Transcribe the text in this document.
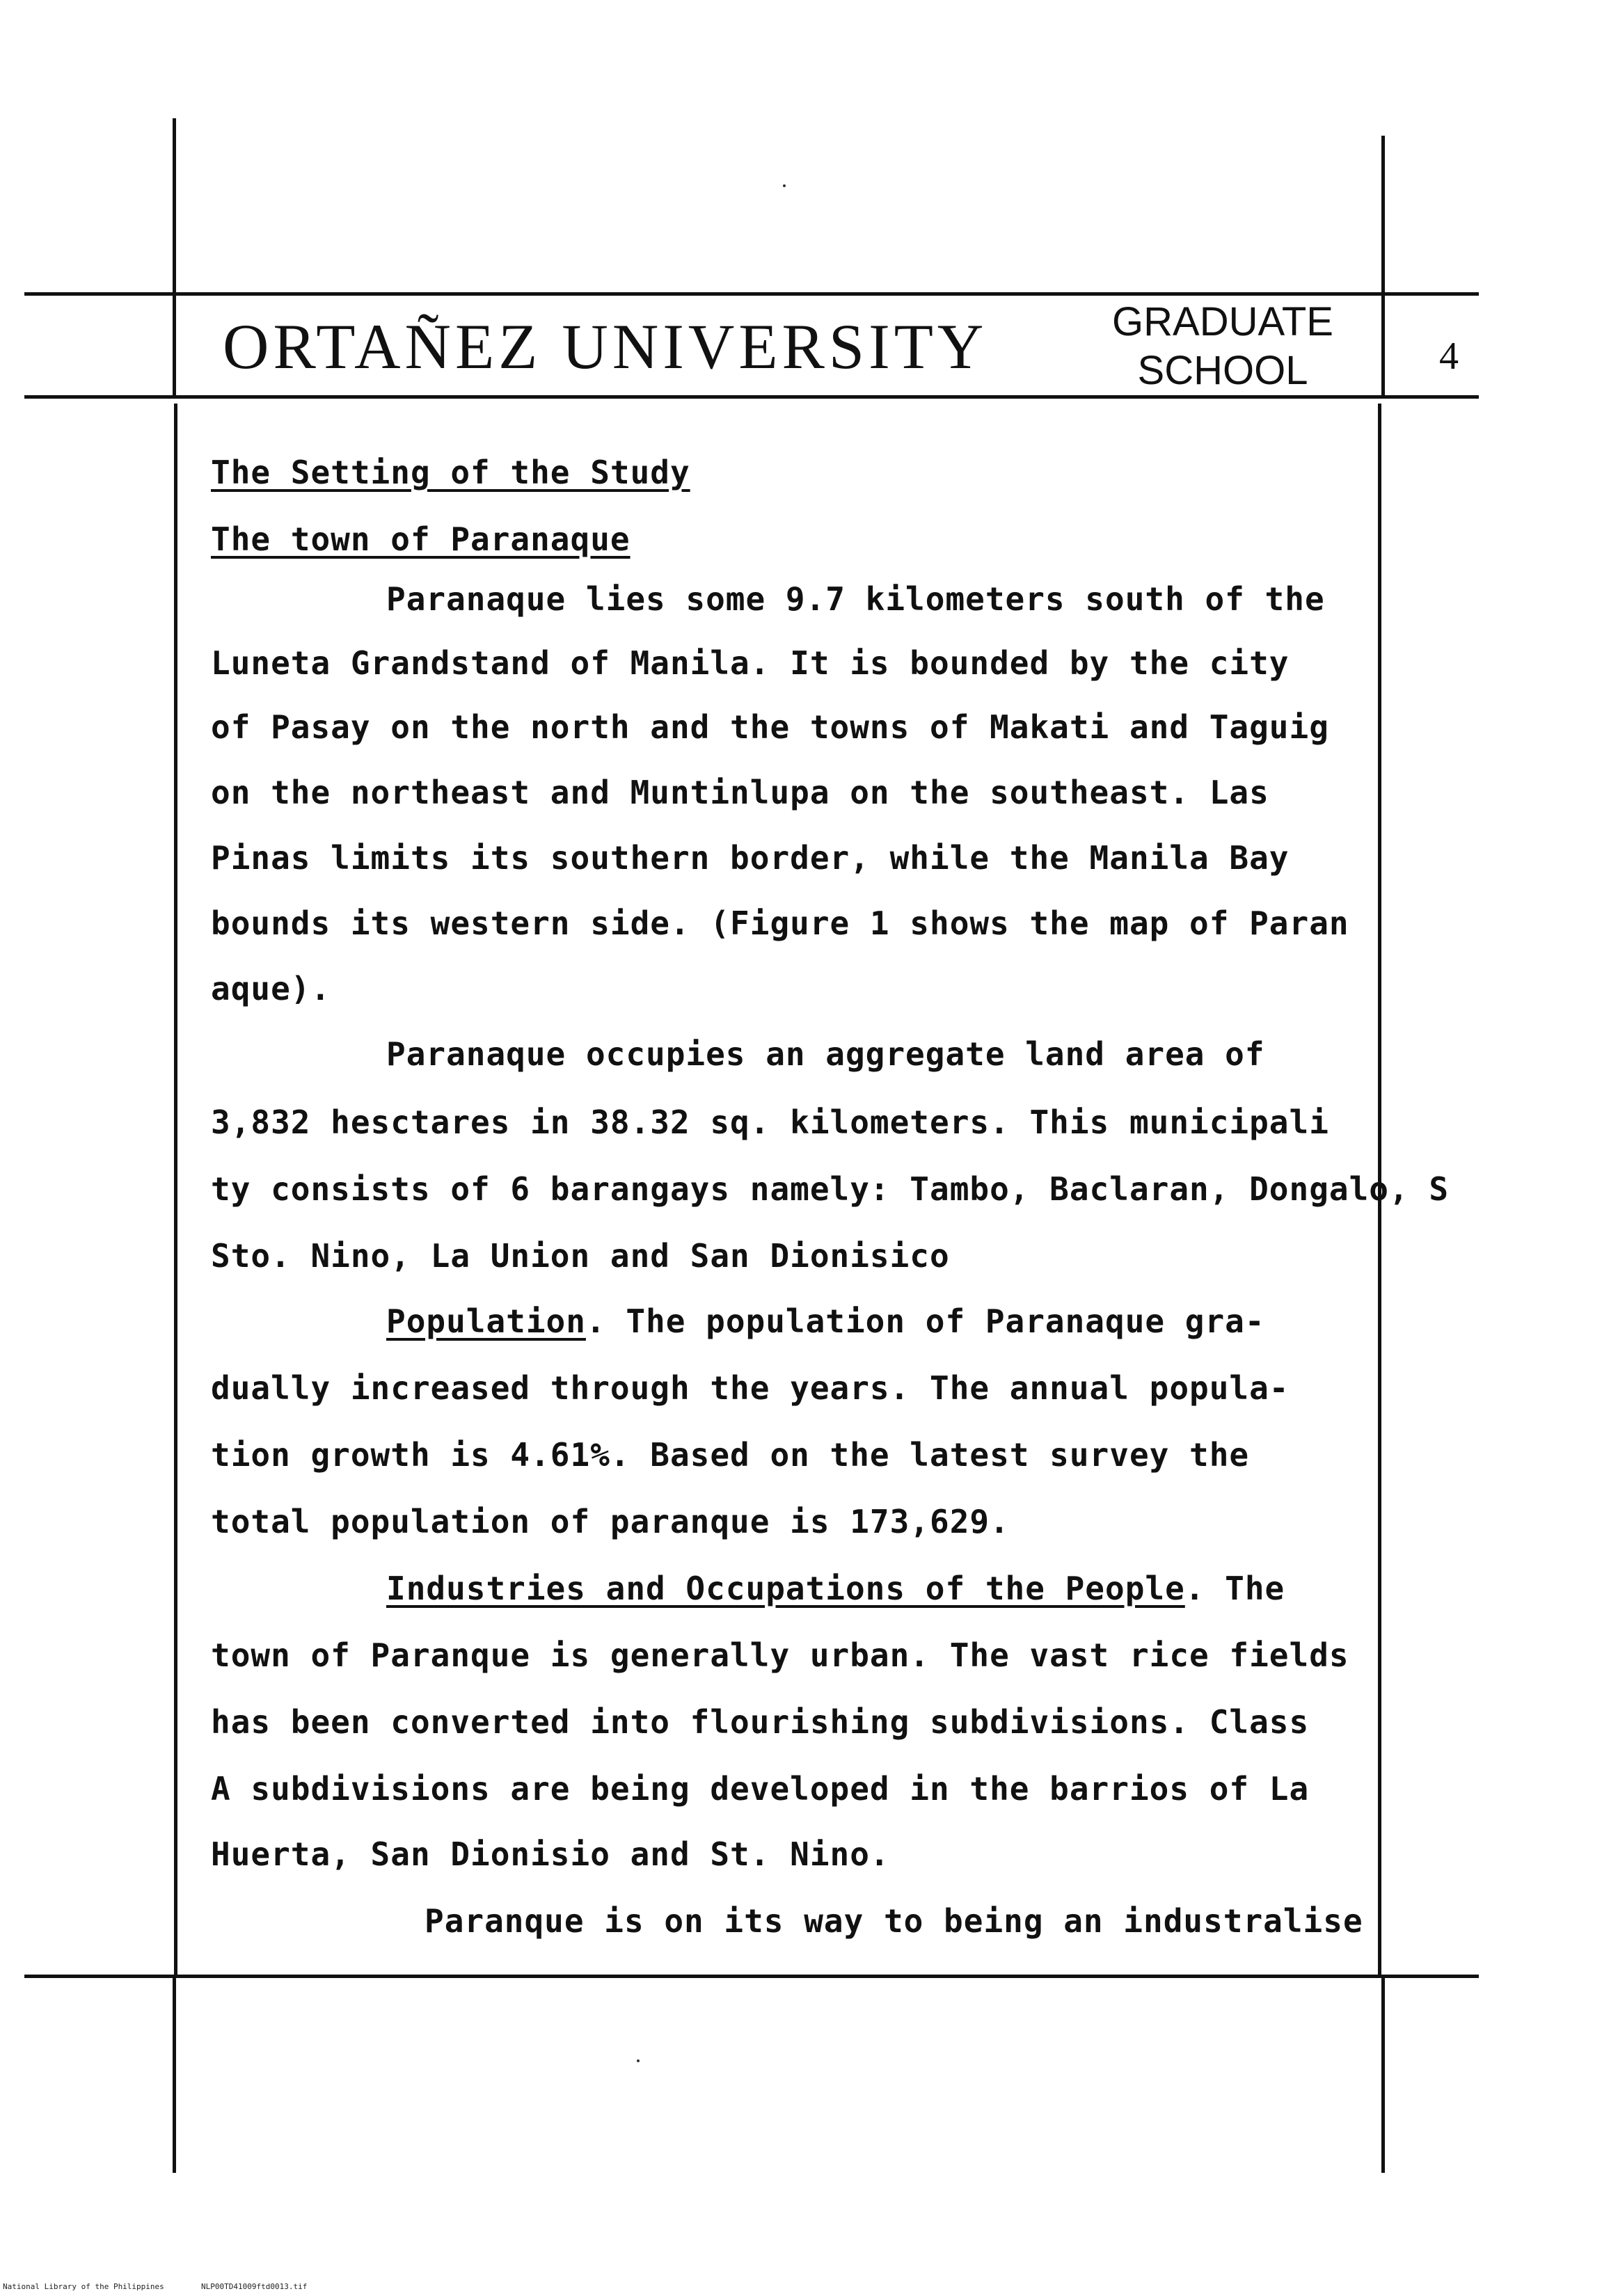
ORTAÑEZ UNIVERSITY	GRADUATE
SCHOOL	4
The Setting of the Study
The town of Paranaque
Paranaque lies some 9.7 kilometers south of the
Luneta Grandstand of Manila. It is bounded by the city
of Pasay on the north and the towns of Makati and Taguig
on the northeast and Muntinlupa on the southeast. Las
Pinas limits its southern border, while the Manila Bay
bounds its western side. (Figure 1 shows the map of Paran
aque).
Paranaque occupies an aggregate land area of
3,832 hesctares in 38.32 sq. kilometers. This municipali
ty consists of 6 barangays namely: Tambo, Baclaran, Dongalo, S
Sto. Nino, La Union and San Dionisico
Population. The population of Paranaque gra-
dually increased through the years. The annual popula-
tion growth is 4.61%. Based on the latest survey the
total population of paranque is 173,629.
Industries and Occupations of the People. The
town of Paranque is generally urban. The vast rice fields
has been converted into flourishing subdivisions. Class
A subdivisions are being developed in the barrios of La
Huerta, San Dionisio and St. Nino.
Paranque is on its way to being an industralise
National Library of the Philippines	NLP00TD41009ftd0013.tif
